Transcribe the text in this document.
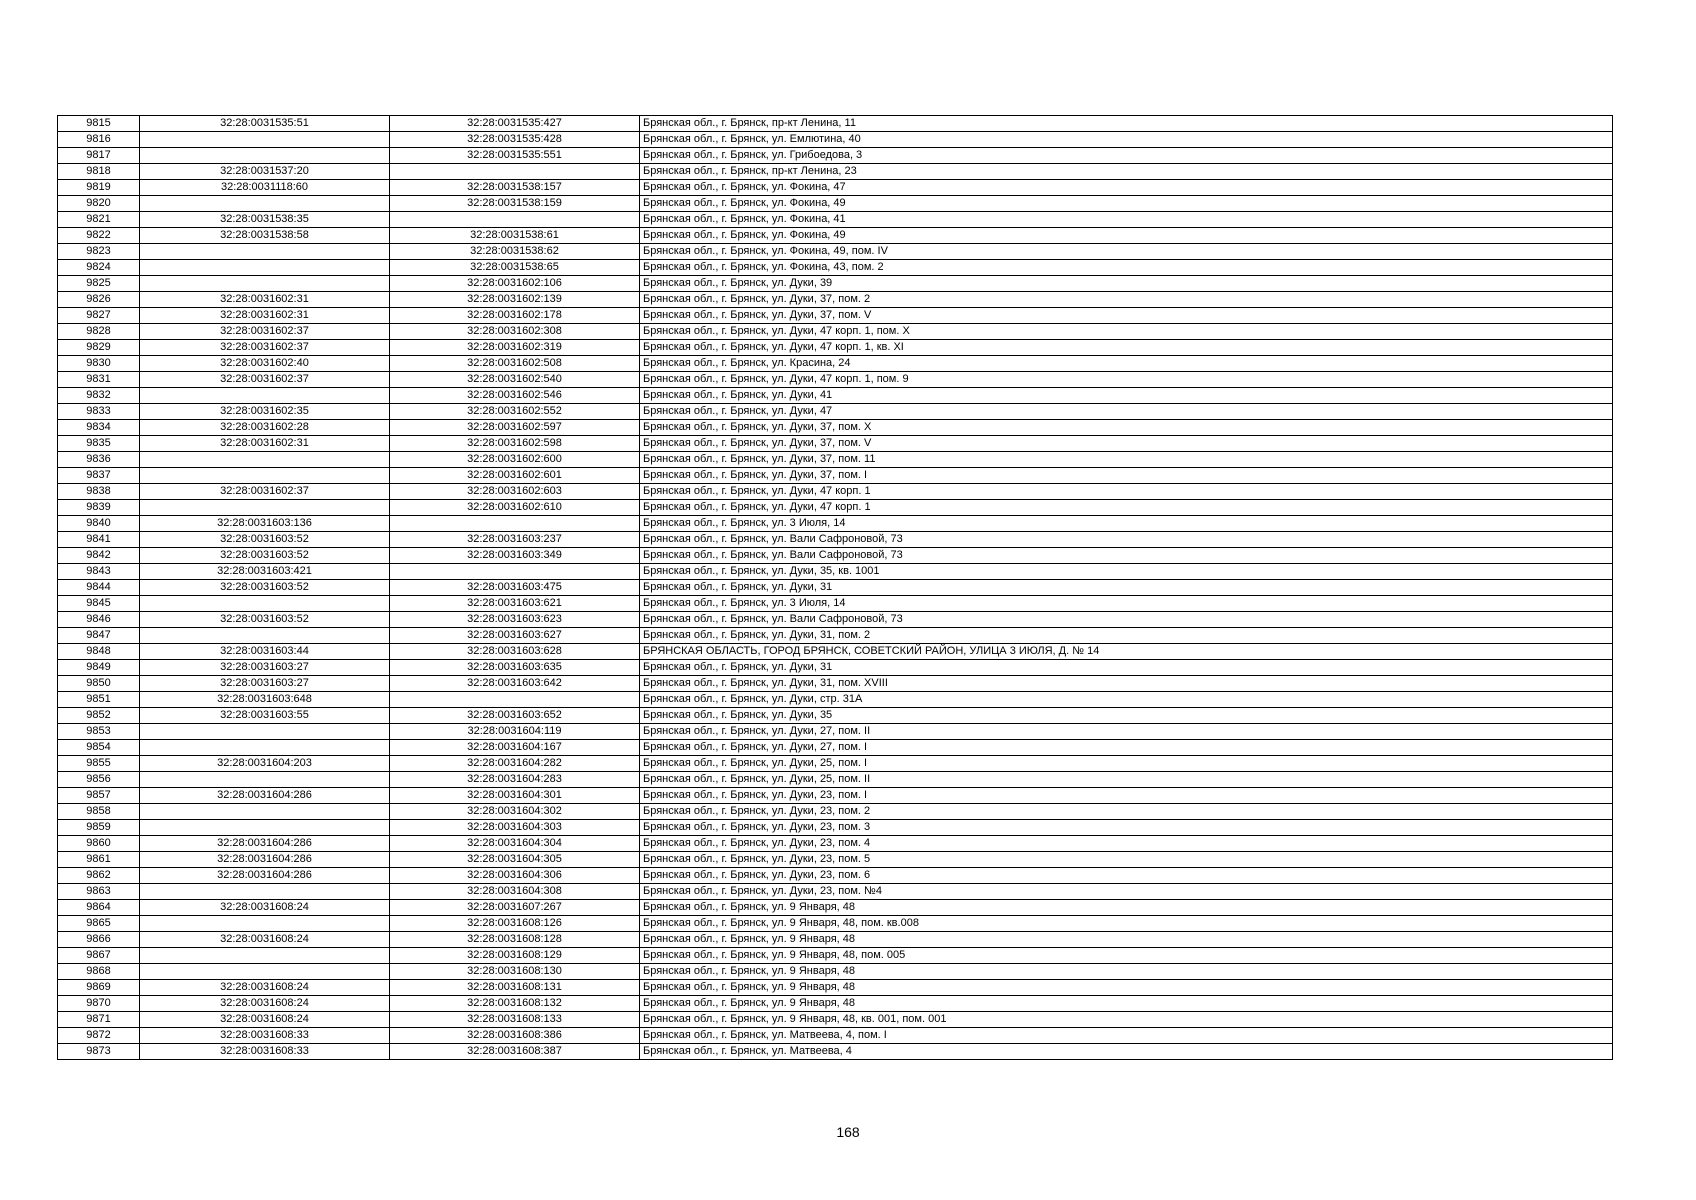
9815	32:28:0031535:51	32:28:0031535:427	Брянская обл., г. Брянск, пр-кт Ленина, 11
9816		32:28:0031535:428	Брянская обл., г. Брянск, ул. Емлютина, 40
9817		32:28:0031535:551	Брянская обл., г. Брянск, ул. Грибоедова, 3
9818	32:28:0031537:20		Брянская обл., г. Брянск, пр-кт Ленина, 23
9819	32:28:0031118:60	32:28:0031538:157	Брянская обл., г. Брянск, ул. Фокина, 47
9820		32:28:0031538:159	Брянская обл., г. Брянск, ул. Фокина, 49
9821	32:28:0031538:35		Брянская обл., г. Брянск, ул. Фокина, 41
9822	32:28:0031538:58	32:28:0031538:61	Брянская обл., г. Брянск, ул. Фокина, 49
9823		32:28:0031538:62	Брянская обл., г. Брянск, ул. Фокина, 49, пом. IV
9824		32:28:0031538:65	Брянская обл., г. Брянск, ул. Фокина, 43, пом. 2
9825		32:28:0031602:106	Брянская обл., г. Брянск, ул. Дуки, 39
9826	32:28:0031602:31	32:28:0031602:139	Брянская обл., г. Брянск, ул. Дуки, 37, пом. 2
9827	32:28:0031602:31	32:28:0031602:178	Брянская обл., г. Брянск, ул. Дуки, 37, пом. V
9828	32:28:0031602:37	32:28:0031602:308	Брянская обл., г. Брянск, ул. Дуки, 47 корп. 1, пом. X
9829	32:28:0031602:37	32:28:0031602:319	Брянская обл., г. Брянск, ул. Дуки, 47 корп. 1, кв. XI
9830	32:28:0031602:40	32:28:0031602:508	Брянская обл., г. Брянск, ул. Красина, 24
9831	32:28:0031602:37	32:28:0031602:540	Брянская обл., г. Брянск, ул. Дуки, 47 корп. 1, пом. 9
9832		32:28:0031602:546	Брянская обл., г. Брянск, ул. Дуки, 41
9833	32:28:0031602:35	32:28:0031602:552	Брянская обл., г. Брянск, ул. Дуки, 47
9834	32:28:0031602:28	32:28:0031602:597	Брянская обл., г. Брянск, ул. Дуки, 37, пом. X
9835	32:28:0031602:31	32:28:0031602:598	Брянская обл., г. Брянск, ул. Дуки, 37, пом. V
9836		32:28:0031602:600	Брянская обл., г. Брянск, ул. Дуки, 37, пом. 11
9837		32:28:0031602:601	Брянская обл., г. Брянск, ул. Дуки, 37, пом. I
9838	32:28:0031602:37	32:28:0031602:603	Брянская обл., г. Брянск, ул. Дуки, 47 корп. 1
9839		32:28:0031602:610	Брянская обл., г. Брянск, ул. Дуки, 47 корп. 1
9840	32:28:0031603:136		Брянская обл., г. Брянск, ул. 3 Июля, 14
9841	32:28:0031603:52	32:28:0031603:237	Брянская обл., г. Брянск, ул. Вали Сафроновой, 73
9842	32:28:0031603:52	32:28:0031603:349	Брянская обл., г. Брянск, ул. Вали Сафроновой, 73
9843	32:28:0031603:421		Брянская обл., г. Брянск, ул. Дуки, 35, кв. 1001
9844	32:28:0031603:52	32:28:0031603:475	Брянская обл., г. Брянск, ул. Дуки, 31
9845		32:28:0031603:621	Брянская обл., г. Брянск, ул. 3 Июля, 14
9846	32:28:0031603:52	32:28:0031603:623	Брянская обл., г. Брянск, ул. Вали Сафроновой, 73
9847		32:28:0031603:627	Брянская обл., г. Брянск, ул. Дуки, 31, пом. 2
9848	32:28:0031603:44	32:28:0031603:628	БРЯНСКАЯ ОБЛАСТЬ, ГОРОД БРЯНСК, СОВЕТСКИЙ РАЙОН, УЛИЦА 3 ИЮЛЯ, Д. № 14
9849	32:28:0031603:27	32:28:0031603:635	Брянская обл., г. Брянск, ул. Дуки, 31
9850	32:28:0031603:27	32:28:0031603:642	Брянская обл., г. Брянск, ул. Дуки, 31, пом. XVIII
9851	32:28:0031603:648		Брянская обл., г. Брянск, ул. Дуки, стр. 31А
9852	32:28:0031603:55	32:28:0031603:652	Брянская обл., г. Брянск, ул. Дуки, 35
9853		32:28:0031604:119	Брянская обл., г. Брянск, ул. Дуки, 27, пом. II
9854		32:28:0031604:167	Брянская обл., г. Брянск, ул. Дуки, 27, пом. I
9855	32:28:0031604:203	32:28:0031604:282	Брянская обл., г. Брянск, ул. Дуки, 25, пом. I
9856		32:28:0031604:283	Брянская обл., г. Брянск, ул. Дуки, 25, пом. II
9857	32:28:0031604:286	32:28:0031604:301	Брянская обл., г. Брянск, ул. Дуки, 23, пом. I
9858		32:28:0031604:302	Брянская обл., г. Брянск, ул. Дуки, 23, пом. 2
9859		32:28:0031604:303	Брянская обл., г. Брянск, ул. Дуки, 23, пом. 3
9860	32:28:0031604:286	32:28:0031604:304	Брянская обл., г. Брянск, ул. Дуки, 23, пом. 4
9861	32:28:0031604:286	32:28:0031604:305	Брянская обл., г. Брянск, ул. Дуки, 23, пом. 5
9862	32:28:0031604:286	32:28:0031604:306	Брянская обл., г. Брянск, ул. Дуки, 23, пом. 6
9863		32:28:0031604:308	Брянская обл., г. Брянск, ул. Дуки, 23, пом. №4
9864	32:28:0031608:24	32:28:0031607:267	Брянская обл., г. Брянск, ул. 9 Января, 48
9865		32:28:0031608:126	Брянская обл., г. Брянск, ул. 9 Января, 48, пом. кв.008
9866	32:28:0031608:24	32:28:0031608:128	Брянская обл., г. Брянск, ул. 9 Января, 48
9867		32:28:0031608:129	Брянская обл., г. Брянск, ул. 9 Января, 48, пом. 005
9868		32:28:0031608:130	Брянская обл., г. Брянск, ул. 9 Января, 48
9869	32:28:0031608:24	32:28:0031608:131	Брянская обл., г. Брянск, ул. 9 Января, 48
9870	32:28:0031608:24	32:28:0031608:132	Брянская обл., г. Брянск, ул. 9 Января, 48
9871	32:28:0031608:24	32:28:0031608:133	Брянская обл., г. Брянск, ул. 9 Января, 48, кв. 001, пом. 001
9872	32:28:0031608:33	32:28:0031608:386	Брянская обл., г. Брянск, ул. Матвеева, 4, пом. I
9873	32:28:0031608:33	32:28:0031608:387	Брянская обл., г. Брянск, ул. Матвеева, 4
168
